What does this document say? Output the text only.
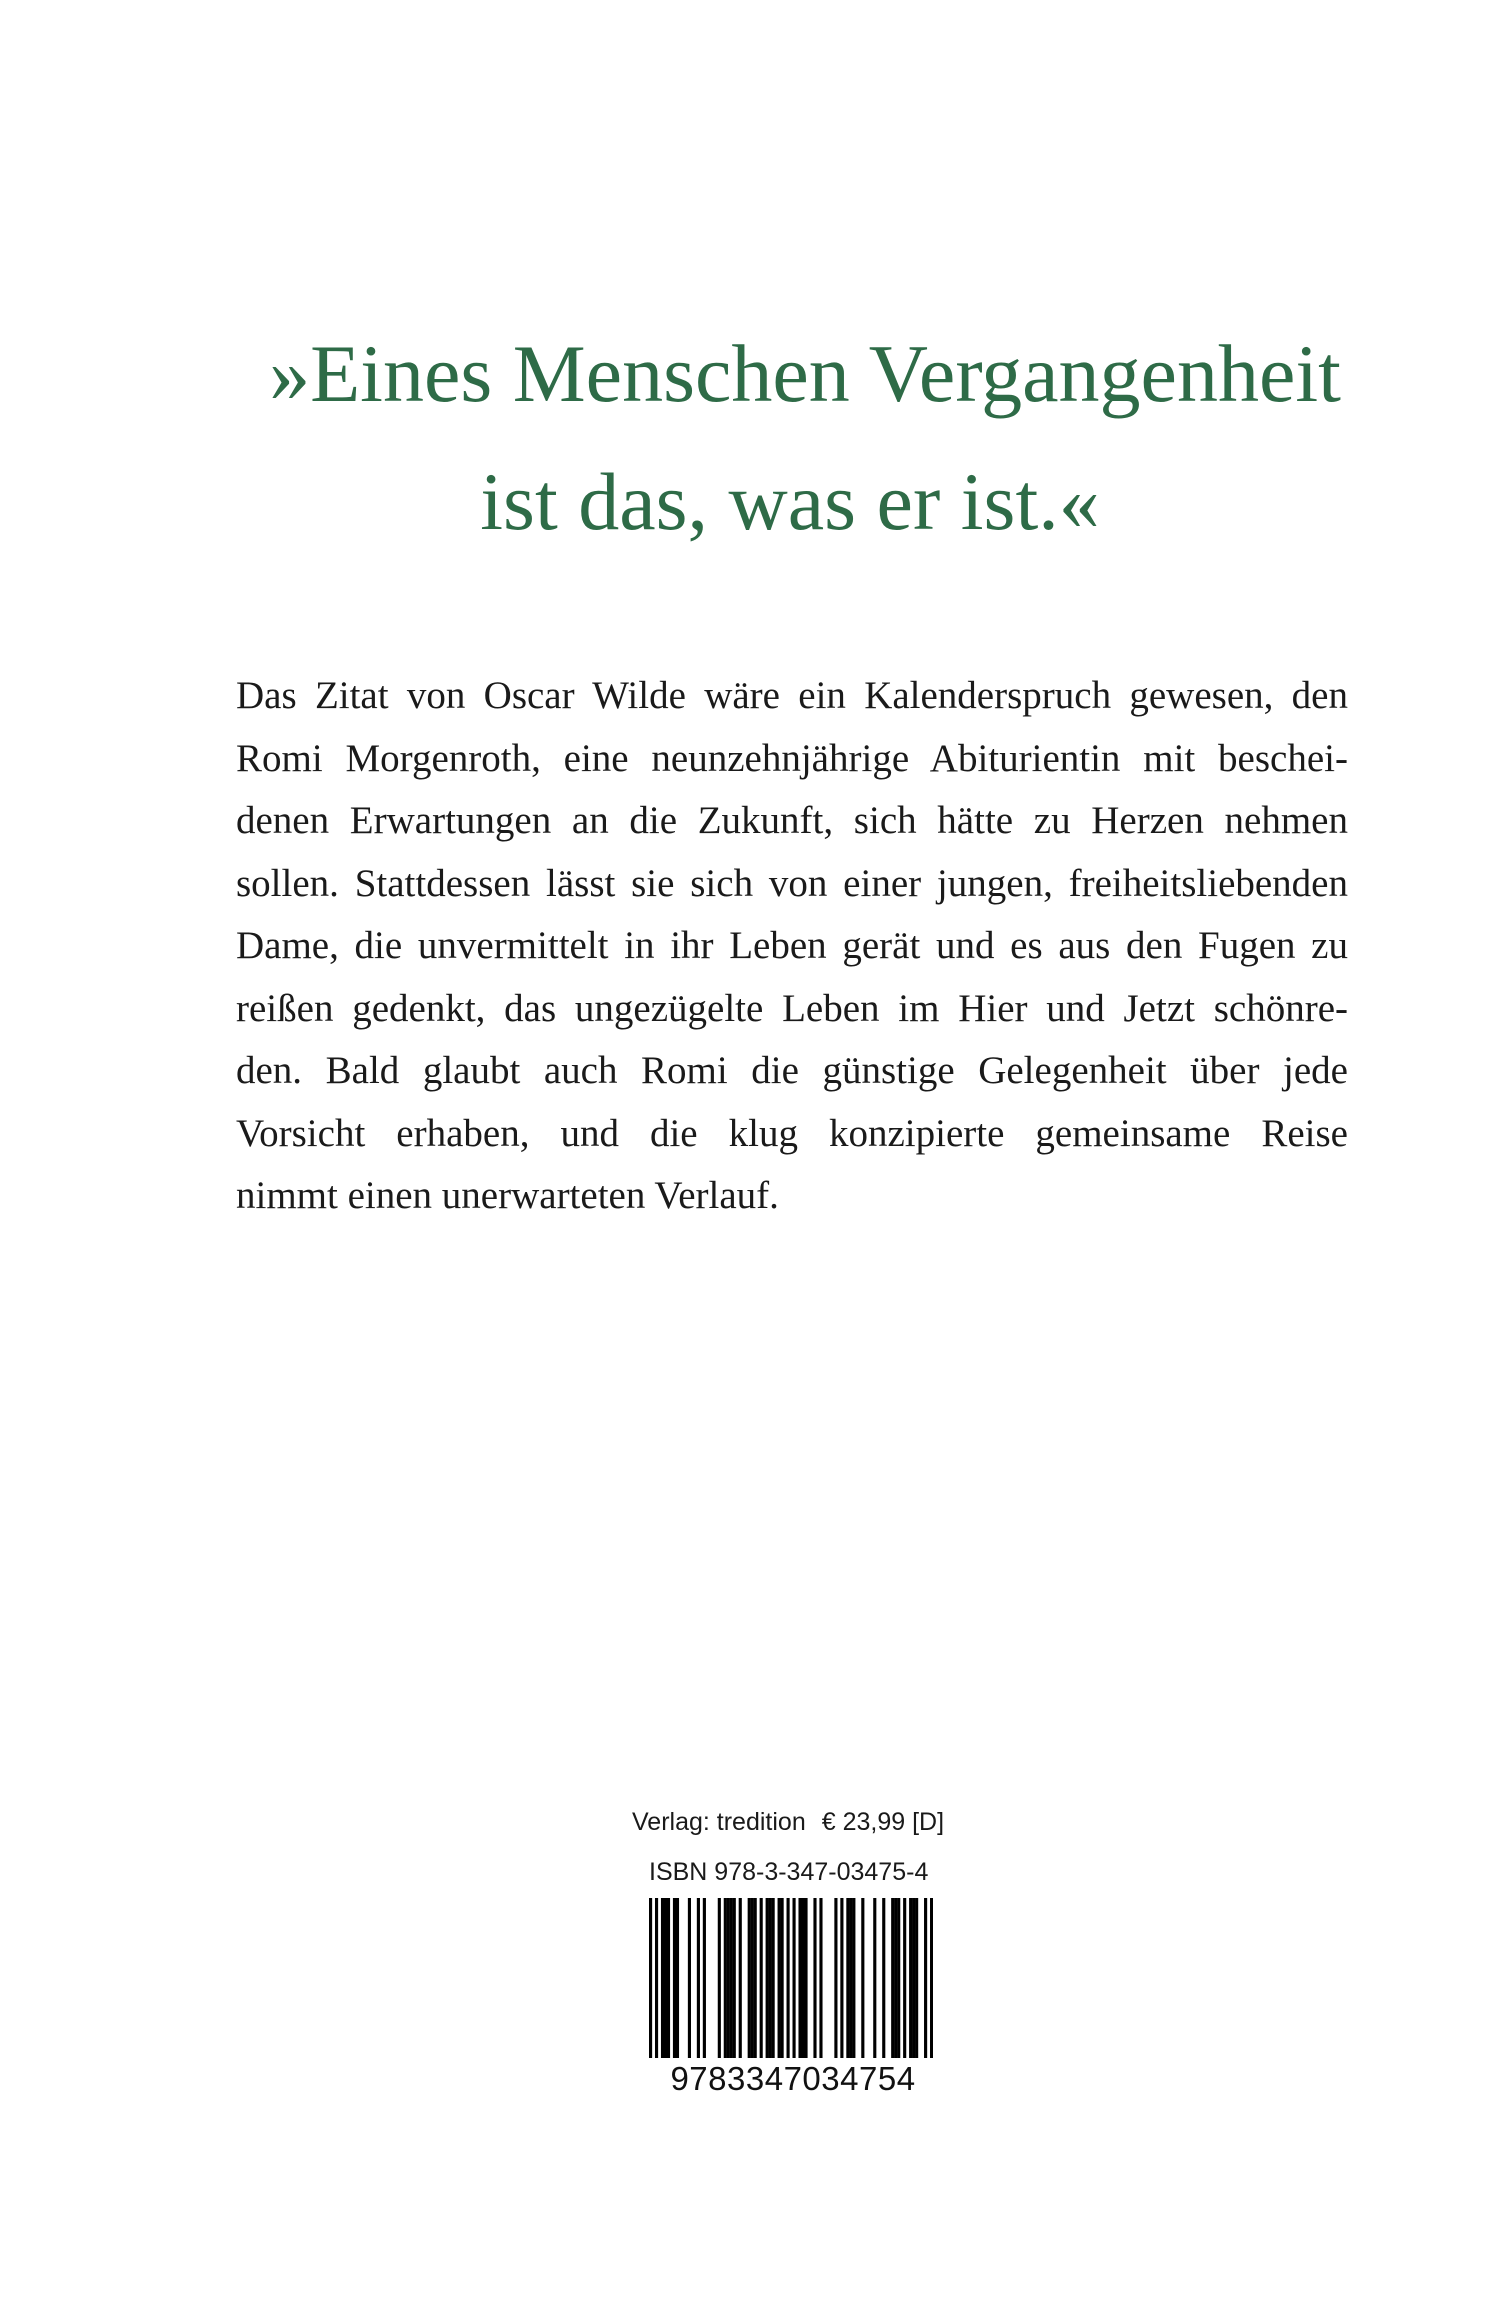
»Eines Menschen Vergangenheit
ist das, was er ist.«
Das Zitat von Oscar Wilde wäre ein Kalenderspruch gewesen, den
Romi Morgenroth, eine neunzehnjährige Abiturientin mit beschei-
denen Erwartungen an die Zukunft, sich hätte zu Herzen nehmen
sollen. Stattdessen lässt sie sich von einer jungen, freiheitsliebenden
Dame, die unvermittelt in ihr Leben gerät und es aus den Fugen zu
reißen gedenkt, das ungezügelte Leben im Hier und Jetzt schönre-
den. Bald glaubt auch Romi die günstige Gelegenheit über jede
Vorsicht erhaben, und die klug konzipierte gemeinsame Reise
nimmt einen unerwarteten Verlauf.
Verlag: tredition € 23,99 [D]
ISBN 978-3-347-03475-4
9783347034754
